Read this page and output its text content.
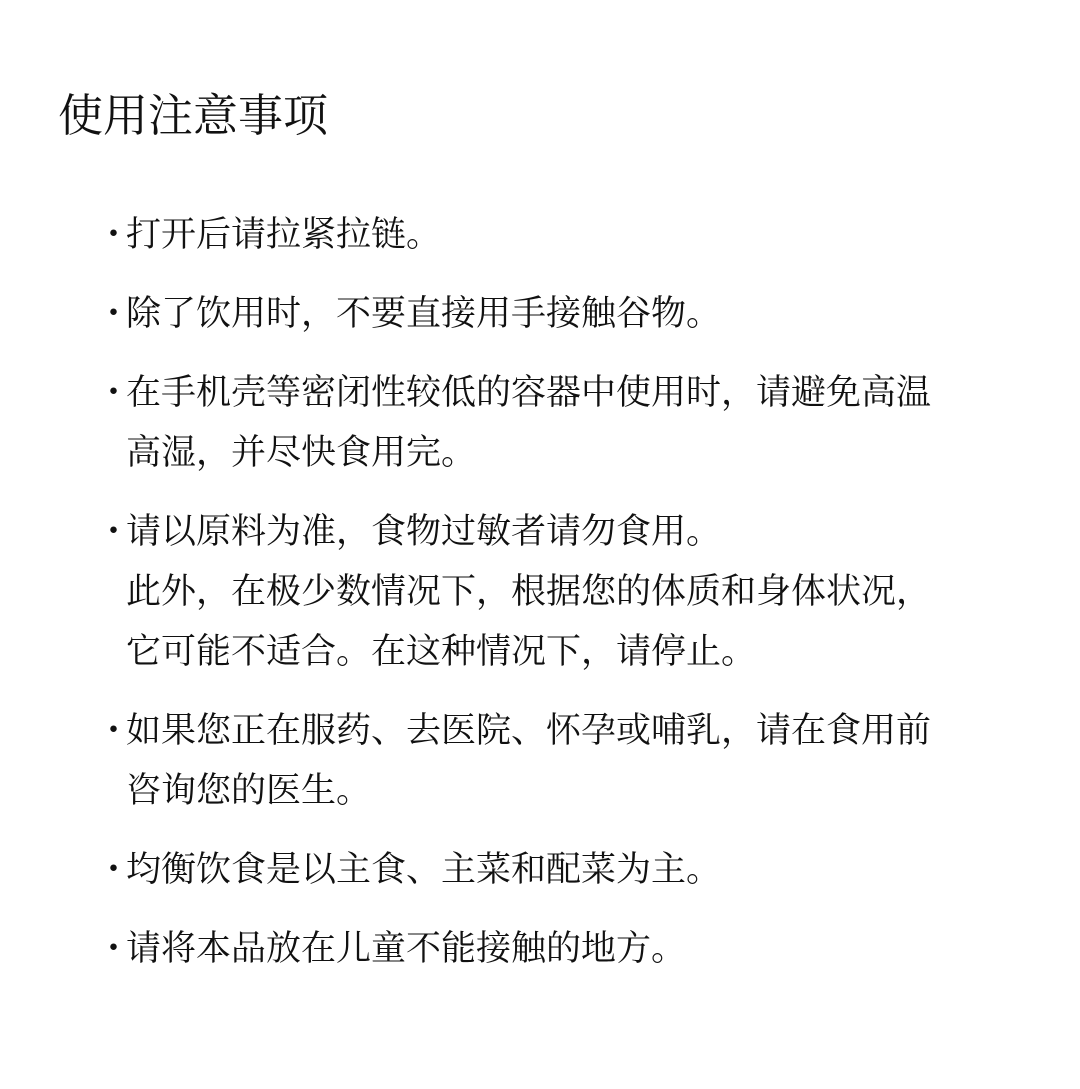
使用注意事项
・
打开后请拉紧拉链。
・
除了饮用时，不要直接用手接触谷物。
・
在手机壳等密闭性较低的容器中使用时，请避免高温
高湿，并尽快食用完。
・
请以原料为准，食物过敏者请勿食用。
此外，在极少数情况下，根据您的体质和身体状况，
它可能不适合。在这种情况下，请停止。
・
如果您正在服药、去医院、怀孕或哺乳，请在食用前
咨询您的医生。
・
均衡饮食是以主食、主菜和配菜为主。
・
请将本品放在儿童不能接触的地方。
